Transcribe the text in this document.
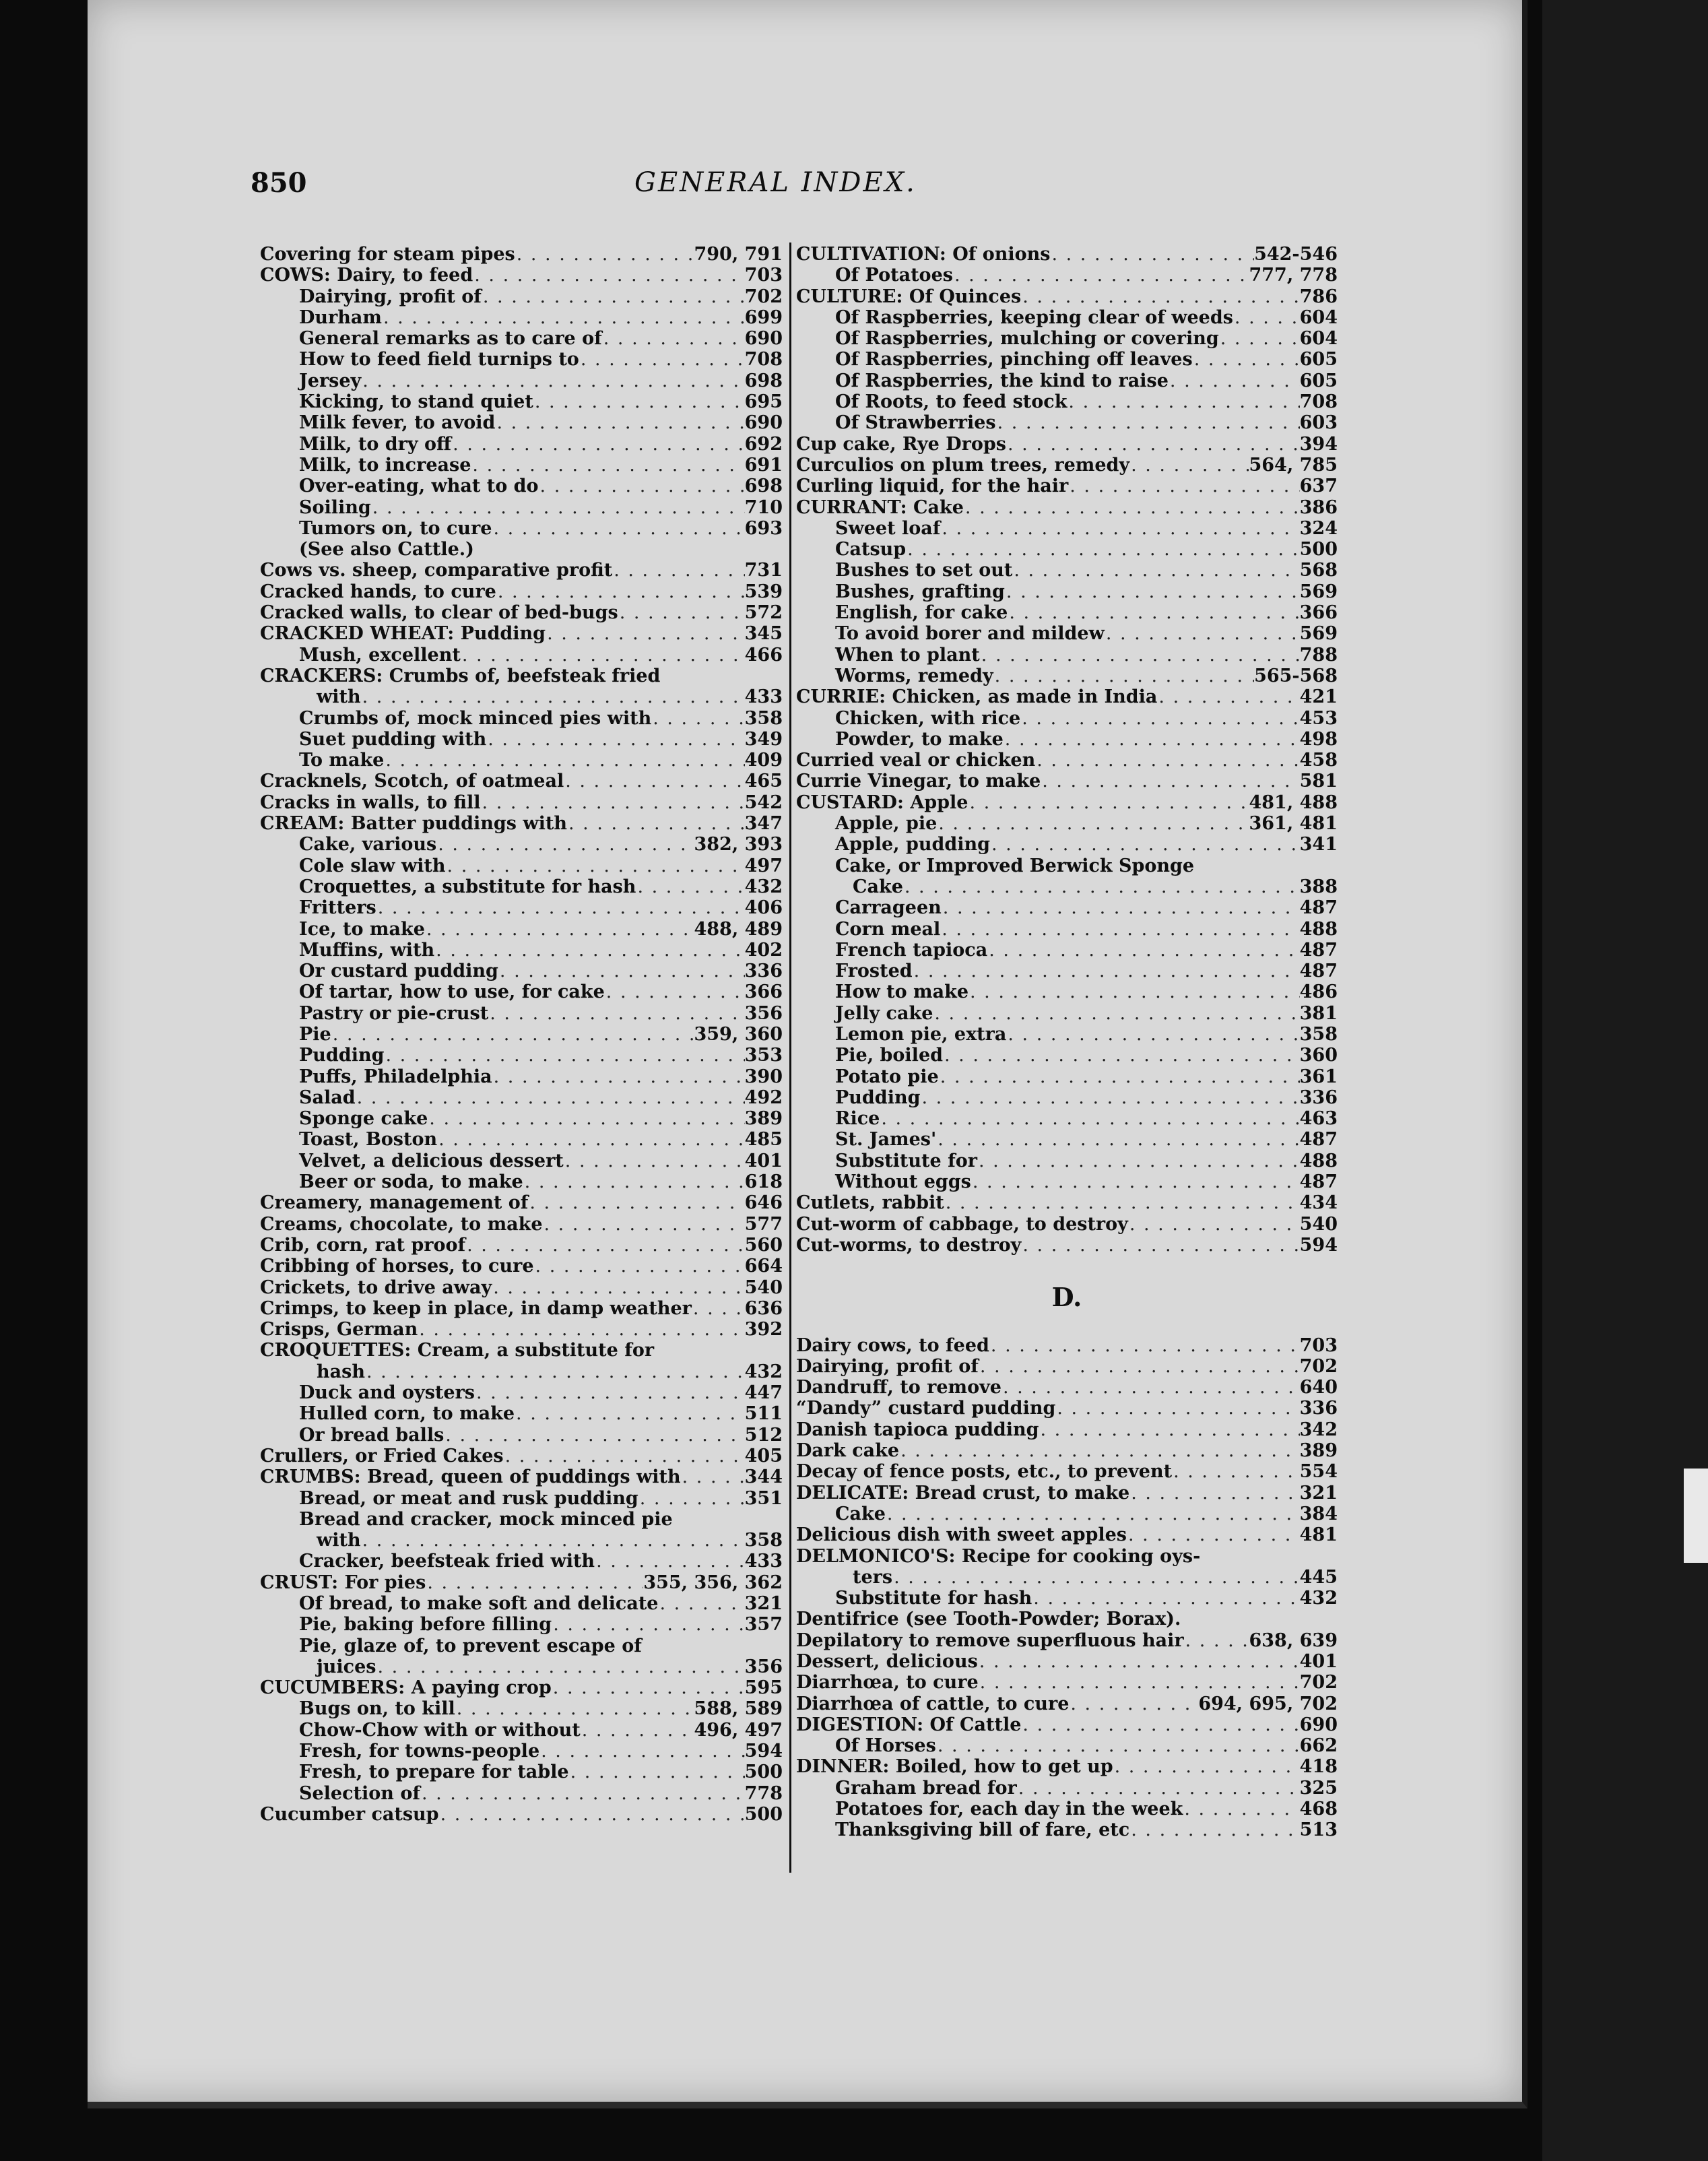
850	GENERAL INDEX.
Covering for steam pipes . . .	790, 791
COWS: Dairy, to feed . . .	703
Dairying, profit of . . .	702
Durham . . .	699
General remarks as to care of . . .	690
How to feed field turnips to . . .	708
Jersey . . .	698
Kicking, to stand quiet . . .	695
Milk fever, to avoid . . .	690
Milk, to dry off . . .	692
Milk, to increase . . .	691
Over-eating, what to do . . .	698
Soiling . . .	710
Tumors on, to cure . . .	693
(See also Cattle.)
Cows vs. sheep, comparative profit . . .	731
Cracked hands, to cure . . .	539
Cracked walls, to clear of bed-bugs . . .	572
CRACKED WHEAT: Pudding . . .	345
Mush, excellent . . .	466
CRACKERS: Crumbs of, beefsteak fried
with . . .	433
Crumbs of, mock minced pies with . . .	358
Suet pudding with . . .	349
To make . . .	409
Cracknels, Scotch, of oatmeal . . .	465
Cracks in walls, to fill . . .	542
CREAM: Batter puddings with . . .	347
Cake, various . . .	382, 393
Cole slaw with . . .	497
Croquettes, a substitute for hash . . .	432
Fritters . . .	406
Ice, to make . . .	488, 489
Muffins, with . . .	402
Or custard pudding . . .	336
Of tartar, how to use, for cake . . .	366
Pastry or pie-crust . . .	356
Pie . . .	359, 360
Pudding . . .	353
Puffs, Philadelphia . . .	390
Salad . . .	492
Sponge cake . . .	389
Toast, Boston . . .	485
Velvet, a delicious dessert . . .	401
Beer or soda, to make . . .	618
Creamery, management of . . .	646
Creams, chocolate, to make . . .	577
Crib, corn, rat proof . . .	560
Cribbing of horses, to cure . . .	664
Crickets, to drive away . . .	540
Crimps, to keep in place, in damp weather . . .	636
Crisps, German . . .	392
CROQUETTES: Cream, a substitute for
hash . . .	432
Duck and oysters . . .	447
Hulled corn, to make . . .	511
Or bread balls . . .	512
Crullers, or Fried Cakes . . .	405
CRUMBS: Bread, queen of puddings with . . .	344
Bread, or meat and rusk pudding . . .	351
Bread and cracker, mock minced pie
with . . .	358
Cracker, beefsteak fried with . . .	433
CRUST: For pies . . .	355, 356, 362
Of bread, to make soft and delicate . . .	321
Pie, baking before filling . . .	357
Pie, glaze of, to prevent escape of
juices . . .	356
CUCUMBERS: A paying crop . . .	595
Bugs on, to kill . . .	588, 589
Chow-Chow with or without . . .	496, 497
Fresh, for towns-people . . .	594
Fresh, to prepare for table . . .	500
Selection of . . .	778
Cucumber catsup . . .	500
CULTIVATION: Of onions . . .	542-546
Of Potatoes . . .	777, 778
CULTURE: Of Quinces . . .	786
Of Raspberries, keeping clear of weeds . . .	604
Of Raspberries, mulching or covering . . .	604
Of Raspberries, pinching off leaves . . .	605
Of Raspberries, the kind to raise . . .	605
Of Roots, to feed stock . . .	708
Of Strawberries . . .	603
Cup cake, Rye Drops . . .	394
Curculios on plum trees, remedy . . .	564, 785
Curling liquid, for the hair . . .	637
CURRANT: Cake . . .	386
Sweet loaf . . .	324
Catsup . . .	500
Bushes to set out . . .	568
Bushes, grafting . . .	569
English, for cake . . .	366
To avoid borer and mildew . . .	569
When to plant . . .	788
Worms, remedy . . .	565-568
CURRIE: Chicken, as made in India . . .	421
Chicken, with rice . . .	453
Powder, to make . . .	498
Curried veal or chicken . . .	458
Currie Vinegar, to make . . .	581
CUSTARD: Apple . . .	481, 488
Apple, pie . . .	361, 481
Apple, pudding . . .	341
Cake, or Improved Berwick Sponge
Cake . . .	388
Carrageen . . .	487
Corn meal . . .	488
French tapioca . . .	487
Frosted . . .	487
How to make . . .	486
Jelly cake . . .	381
Lemon pie, extra . . .	358
Pie, boiled . . .	360
Potato pie . . .	361
Pudding . . .	336
Rice . . .	463
St. James' . . .	487
Substitute for . . .	488
Without eggs . . .	487
Cutlets, rabbit . . .	434
Cut-worm of cabbage, to destroy . . .	540
Cut-worms, to destroy . . .	594
D.
Dairy cows, to feed . . .	703
Dairying, profit of . . .	702
Dandruff, to remove . . .	640
“Dandy” custard pudding . . .	336
Danish tapioca pudding . . .	342
Dark cake . . .	389
Decay of fence posts, etc., to prevent . . .	554
DELICATE: Bread crust, to make . . .	321
Cake . . .	384
Delicious dish with sweet apples . . .	481
DELMONICO'S: Recipe for cooking oys-
ters . . .	445
Substitute for hash . . .	432
Dentifrice (see Tooth-Powder; Borax).
Depilatory to remove superfluous hair . . .	638, 639
Dessert, delicious . . .	401
Diarrhœa, to cure . . .	702
Diarrhœa of cattle, to cure . . .	694, 695, 702
DIGESTION: Of Cattle . . .	690
Of Horses . . .	662
DINNER: Boiled, how to get up . . .	418
Graham bread for . . .	325
Potatoes for, each day in the week . . .	468
Thanksgiving bill of fare, etc . . .	513
